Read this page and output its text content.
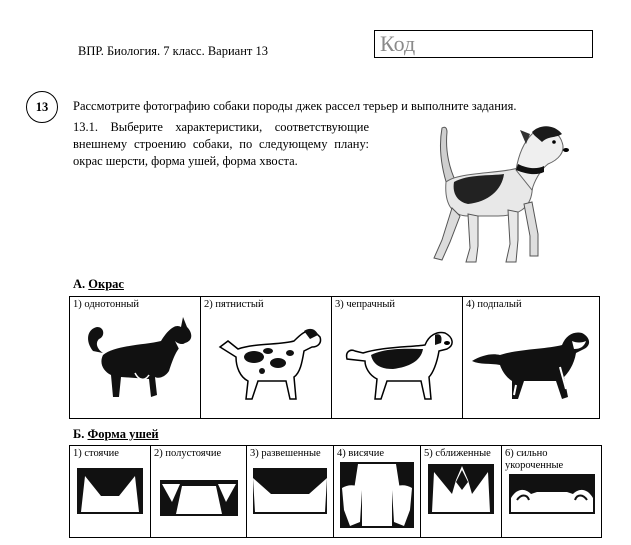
ВПР. Биология. 7 класс. Вариант 13	Код
13	Рассмотрите фотографию собаки породы джек рассел терьер и выполните задания.
13.1. Выберите характеристики, соответствующие внешнему строению собаки, по следующему плану: окрас шерсти, форма ушей, форма хвоста.
А. Окрас
1) однотонный	2) пятнистый	3) чепрачный	4) подпалый
Б. Форма ушей
1) стоячие	2) полустоячие	3) развешенные	4) висячие	5) сближенные	6) сильно укороченные
